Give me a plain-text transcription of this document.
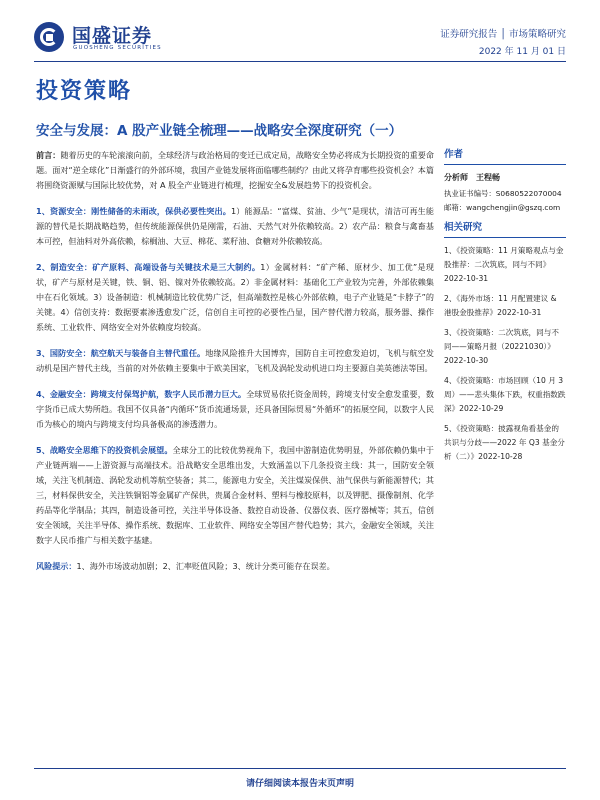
国盛证券
GUOSHENG SECURITIES
证券研究报告 │ 市场策略研究
2022 年 11 月 01 日
投资策略
安全与发展：A 股产业链全梳理——战略安全深度研究（一）

前言：随着历史的车轮滚滚向前，全球经济与政治格局的变迁已成定局，战略安全势必将成为长期投资的重要命题。面对“逆全球化”日渐盛行的外部环境，我国产业链发展将面临哪些制约？由此又将孕育哪些投资机会？本篇将围绕资源赋与国际比较优势，对 A 股全产业链进行梳理，挖掘安全&发展趋势下的投资机会。

1、资源安全：刚性储备的未雨改，保供必要性突出。1）能源品：“富煤、贫油、少气”是现状，清洁可再生能源的替代是长期战略趋势，但传统能源保供仍是刚需，石油、天然气对外依赖较高。2）农产品：粮食与禽畜基本可控，但油料对外高依赖，棕榈油、大豆、棉花、菜籽油、食糖对外依赖较高。

2、制造安全：矿产原料、高端设备与关键技术是三大制约。1）金属材料：“矿产稀、原材少、加工优”是现状，矿产与原材是关键，铁、铜、铝、镍对外依赖较高。2）非金属材料：基础化工产业较为完善，外部依赖集中在石化领域。3）设备制造：机械制造比较优势广泛，但高端数控是核心外部依赖，电子产业链是“卡脖子”的关键。4）信创支持：数据要素渗透愈发广泛，信创自主可控的必要性凸显，国产替代潜力较高，服务器、操作系统、工业软件、网络安全对外依赖度均较高。

3、国防安全：航空航天与装备自主替代重任。地缘风险推升大国博弈，国防自主可控愈发迫切，飞机与航空发动机是国产替代主线，当前的对外依赖主要集中于欧美国家，飞机及涡轮发动机进口均主要源自美英德法等国。

4、金融安全：跨境支付保驾护航，数字人民币潜力巨大。全球贸易依托资金周转，跨境支付安全愈发重要，数字货币已成大势所趋。我国不仅具备“内循环”货币流通场景，还具备国际贸易“外循环”的拓展空间，以数字人民币为核心的境内与跨境支付均具备极高的渗透潜力。

5、战略安全思维下的投资机会展望。全球分工的比较优势视角下，我国中游制造优势明显，外部依赖仍集中于产业链两端——上游资源与高端技术。沿战略安全思维出发，大致涵盖以下几条投资主线：其一，国防安全领域，关注飞机制造、涡轮发动机等航空装备；其二，能源电力安全，关注煤炭保供、油气保供与新能源替代；其三，材料保供安全，关注铁铜铝等金属矿产保供，贵属合金材料、塑料与橡胶原料，以及钾肥、摄像制剂、化学药品等化学制品；其四，制造设备可控，关注半导体设备、数控自动设备、仪器仪表、医疗器械等；其五，信创安全领域，关注半导体、操作系统、数据库、工业软件、网络安全等国产替代趋势；其六，金融安全领域，关注数字人民币推广与相关数字基建。

风险提示：1、海外市场波动加剧；2、汇率贬值风险；3、统计分类可能存在误差。

作者
分析师　王程畅
执业证书编号：S0680522070004
邮箱：wangchengjin@gszq.com
相关研究
1、《投资策略：11 月策略观点与金股推荐：二次筑底，同与不同》2022-10-31
2、《海外市场：11 月配置建议 & 港股金股推荐》2022-10-31
3、《投资策略：二次筑底，同与不同——策略月报（20221030）》2022-10-30
4、《投资策略：市场回顾（10 月 3 周）——悲头集体下跌，权重指数跌深》2022-10-29
5、《投资策略：披露视角看基金的共识与分歧——2022 年 Q3 基金分析（二）》2022-10-28
请仔细阅读本报告末页声明
